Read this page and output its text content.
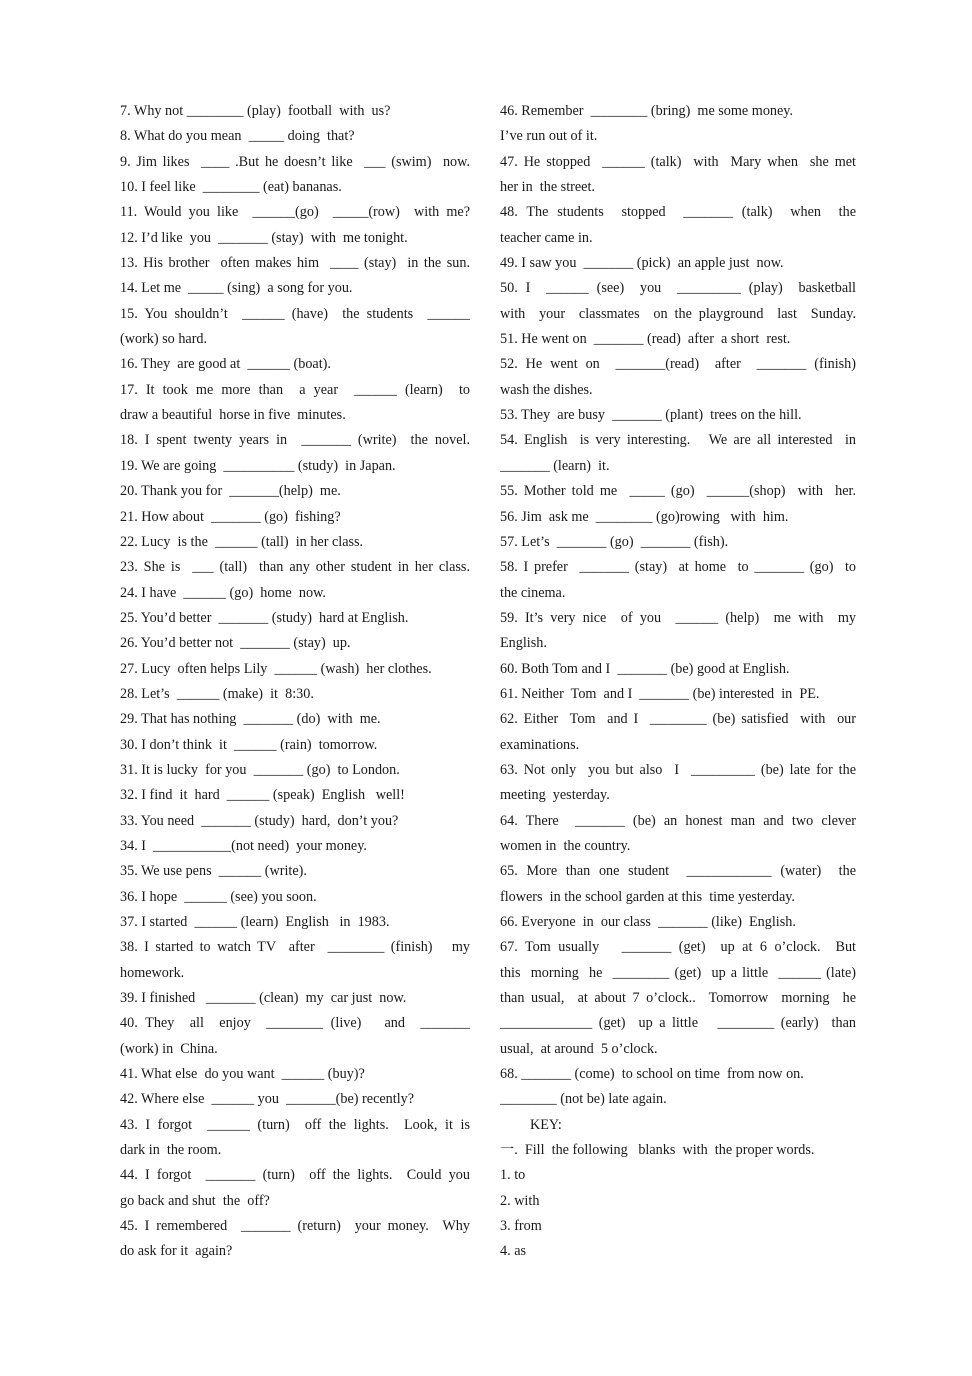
7. Why not ________ (play)  football  with  us?
8. What do you mean  _____ doing  that?
9. Jim likes  ____ .But he doesn’t like  ___ (swim)  now.
10. I feel like  ________ (eat) bananas.
11. Would you like  ______(go)  _____(row)  with me?
12. I’d like  you  _______ (stay)  with  me tonight.
13. His brother  often makes him  ____ (stay)  in the sun.
14. Let me  _____ (sing)  a song for you.
15. You shouldn’t  ______ (have)  the students  ______
(work) so hard.
16. They  are good at  ______ (boat).
17. It took me more than  a year  ______ (learn)  to
draw a beautiful  horse in five  minutes.
18. I spent twenty years in  _______ (write)  the novel.
19. We are going  __________ (study)  in Japan.
20. Thank you for  _______(help)  me.
21. How about  _______ (go)  fishing?
22. Lucy  is the  ______ (tall)  in her class.
23. She is  ___ (tall)  than any other student in her class.
24. I have  ______ (go)  home  now.
25. You’d better  _______ (study)  hard at English.
26. You’d better not  _______ (stay)  up.
27. Lucy  often helps Lily  ______ (wash)  her clothes.
28. Let’s  ______ (make)  it  8:30.
29. That has nothing  _______ (do)  with  me.
30. I don’t think  it  ______ (rain)  tomorrow.
31. It is lucky  for you  _______ (go)  to London.
32. I find  it  hard  ______ (speak)  English   well!
33. You need  _______ (study)  hard,  don’t you?
34. I  ___________(not need)  your money.
35. We use pens  ______ (write).
36. I hope  ______ (see) you soon.
37. I started  ______ (learn)  English   in  1983.
38. I started to watch TV  after  ________ (finish)   my
homework.
39. I finished   _______ (clean)  my  car just  now.
40. They  all  enjoy  ________ (live)   and  _______
(work) in  China.
41. What else  do you want  ______ (buy)?
42. Where else  ______ you  _______(be) recently?
43. I forgot  ______ (turn)  off the lights.  Look, it is
dark in  the room.
44. I forgot  _______ (turn)  off the lights.  Could you
go back and shut  the  off?
45. I remembered  _______ (return)  your money.  Why
do ask for it  again?
46. Remember  ________ (bring)  me some money.
I’ve run out of it.
47. He stopped  ______ (talk)  with  Mary when  she met
her in  the street.
48. The students  stopped  _______ (talk)  when  the
teacher came in.
49. I saw you  _______ (pick)  an apple just  now.
50. I  ______ (see)  you  _________ (play)  basketball
with  your  classmates  on the playground  last  Sunday.
51. He went on  _______ (read)  after  a short  rest.
52. He went on  _______(read)  after  _______ (finish)
wash the dishes.
53. They  are busy  _______ (plant)  trees on the hill.
54. English  is very interesting.   We are all interested  in
_______ (learn)  it.
55. Mother told me  _____ (go)  ______(shop)  with  her.
56. Jim  ask me  ________ (go)rowing   with  him.
57. Let’s  _______ (go)  _______ (fish).
58. I prefer  _______ (stay)  at home  to _______ (go)  to
the cinema.
59. It’s very nice  of you  ______ (help)  me with  my
English.
60. Both Tom and I  _______ (be) good at English.
61. Neither  Tom  and I  _______ (be) interested  in  PE.
62. Either  Tom  and I  ________ (be) satisfied  with  our
examinations.
63. Not only  you but also  I  _________ (be) late for the
meeting  yesterday.
64. There  _______ (be) an honest man and two clever
women in  the country.
65. More than one student  ____________ (water)  the
flowers  in the school garden at this  time yesterday.
66. Everyone  in  our class  _______ (like)  English.
67. Tom usually   _______ (get)  up at 6 o’clock.  But
this  morning  he  ________ (get)  up a little  ______ (late)
than usual,  at about 7 o’clock..  Tomorrow  morning  he
_____________ (get)  up a little   ________ (early)  than
usual,  at around  5 o’clock.
68. _______ (come)  to school on time  from now on.
________ (not be) late again.
KEY:
一.  Fill  the following   blanks  with  the proper words.
1. to
2. with
3. from
4. as
